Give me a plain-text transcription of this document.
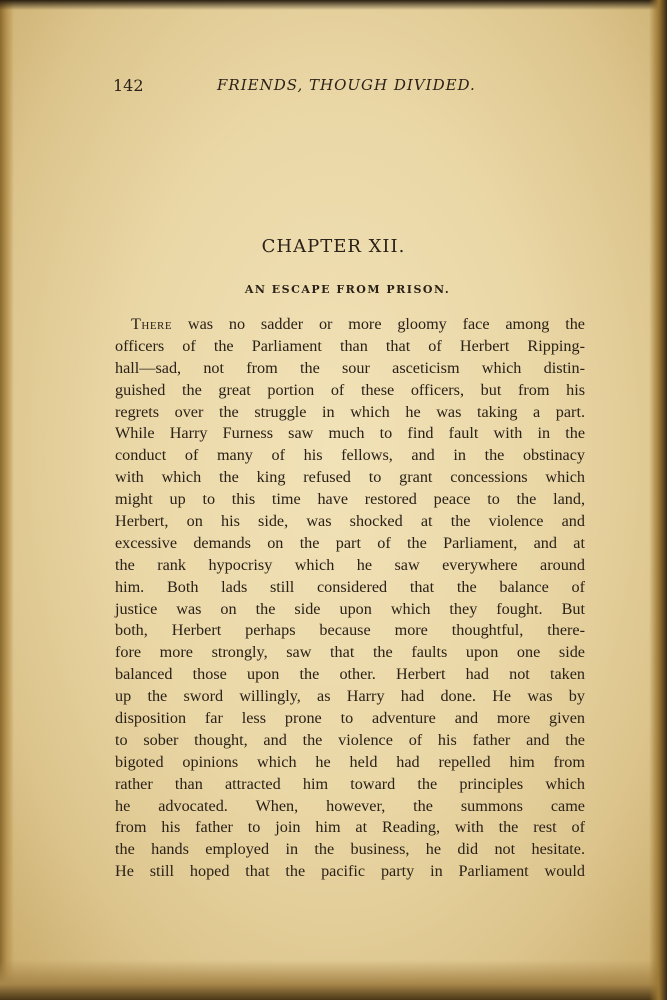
142	FRIENDS, THOUGH DIVIDED.
CHAPTER XII.
AN ESCAPE FROM PRISON.
There was no sadder or more gloomy face among the
officers of the Parliament than that of Herbert Ripping-
hall—sad, not from the sour asceticism which distin-
guished the great portion of these officers, but from his
regrets over the struggle in which he was taking a part.
While Harry Furness saw much to find fault with in the
conduct of many of his fellows, and in the obstinacy
with which the king refused to grant concessions which
might up to this time have restored peace to the land,
Herbert, on his side, was shocked at the violence and
excessive demands on the part of the Parliament, and at
the rank hypocrisy which he saw everywhere around
him. Both lads still considered that the balance of
justice was on the side upon which they fought. But
both, Herbert perhaps because more thoughtful, there-
fore more strongly, saw that the faults upon one side
balanced those upon the other. Herbert had not taken
up the sword willingly, as Harry had done. He was by
disposition far less prone to adventure and more given
to sober thought, and the violence of his father and the
bigoted opinions which he held had repelled him from
rather than attracted him toward the principles which
he advocated. When, however, the summons came
from his father to join him at Reading, with the rest of
the hands employed in the business, he did not hesitate.
He still hoped that the pacific party in Parliament would
